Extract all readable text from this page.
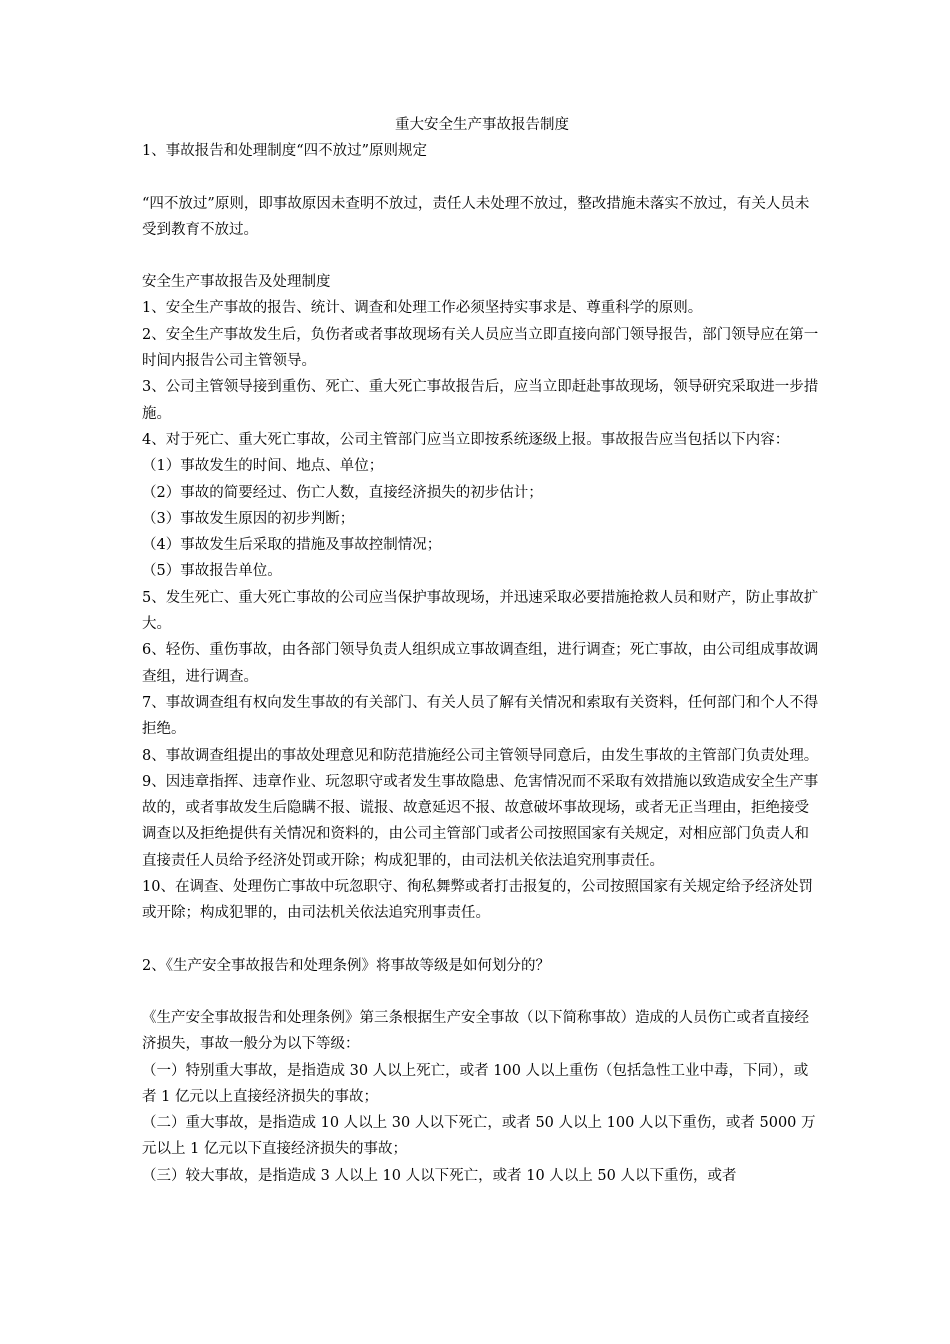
重大安全生产事故报告制度

1、事故报告和处理制度“四不放过”原则规定

“四不放过”原则，即事故原因未查明不放过，责任人未处理不放过，整改措施未落实不放过，有关人员未受到教育不放过。

安全生产事故报告及处理制度

1、安全生产事故的报告、统计、调查和处理工作必须坚持实事求是、尊重科学的原则。

2、安全生产事故发生后，负伤者或者事故现场有关人员应当立即直接向部门领导报告，部门领导应在第一时间内报告公司主管领导。

3、公司主管领导接到重伤、死亡、重大死亡事故报告后，应当立即赶赴事故现场，领导研究采取进一步措施。

4、对于死亡、重大死亡事故，公司主管部门应当立即按系统逐级上报。事故报告应当包括以下内容：

（1）事故发生的时间、地点、单位；

（2）事故的简要经过、伤亡人数，直接经济损失的初步估计；

（3）事故发生原因的初步判断；

（4）事故发生后采取的措施及事故控制情况；

（5）事故报告单位。

5、发生死亡、重大死亡事故的公司应当保护事故现场，并迅速采取必要措施抢救人员和财产，防止事故扩大。

6、轻伤、重伤事故，由各部门领导负责人组织成立事故调查组，进行调查；死亡事故，由公司组成事故调查组，进行调查。

7、事故调查组有权向发生事故的有关部门、有关人员了解有关情况和索取有关资料，任何部门和个人不得拒绝。

8、事故调查组提出的事故处理意见和防范措施经公司主管领导同意后，由发生事故的主管部门负责处理。

9、因违章指挥、违章作业、玩忽职守或者发生事故隐患、危害情况而不采取有效措施以致造成安全生产事故的，或者事故发生后隐瞒不报、谎报、故意延迟不报、故意破坏事故现场，或者无正当理由，拒绝接受调查以及拒绝提供有关情况和资料的，由公司主管部门或者公司按照国家有关规定，对相应部门负责人和直接责任人员给予经济处罚或开除；构成犯罪的，由司法机关依法追究刑事责任。

10、在调查、处理伤亡事故中玩忽职守、徇私舞弊或者打击报复的，公司按照国家有关规定给予经济处罚或开除；构成犯罪的，由司法机关依法追究刑事责任。

2、《生产安全事故报告和处理条例》将事故等级是如何划分的？

《生产安全事故报告和处理条例》第三条根据生产安全事故（以下简称事故）造成的人员伤亡或者直接经济损失，事故一般分为以下等级：

（一）特别重大事故，是指造成 30 人以上死亡，或者 100 人以上重伤（包括急性工业中毒，下同），或者 1 亿元以上直接经济损失的事故；

（二）重大事故，是指造成 10 人以上 30 人以下死亡，或者 50 人以上 100 人以下重伤，或者 5000 万元以上 1 亿元以下直接经济损失的事故；

（三）较大事故，是指造成 3 人以上 10 人以下死亡，或者 10 人以上 50 人以下重伤，或者
